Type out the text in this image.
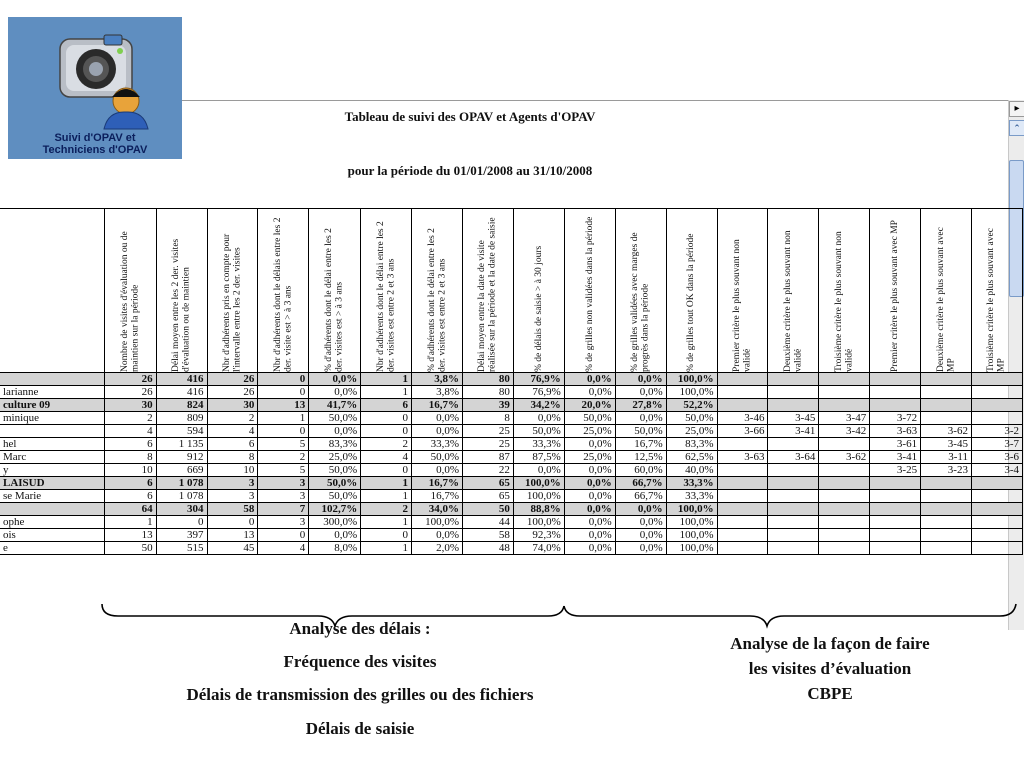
Suivi d'OPAV et
Techniciens d'OPAV
Tableau de suivi des OPAV et Agents d'OPAV
pour la période du 01/01/2008 au 31/10/2008
▸
⌃

	Nombre de visites d'évaluation ou de maintien sur la période	Délai moyen entre les 2 der. visites d'évaluation ou de maintien	Nbr d'adhérents pris en compte pour l'intervalle entre les 2 der. visites	Nbr d'adhérents dont le délais entre les 2 der. visite est > à 3 ans	% d'adhérents dont le délai entre les 2 der. visites est > à 3 ans	Nbr d'adhérents dont le délai entre les 2 der. visites est entre 2 et 3 ans	% d'adhérents dont le délai entre les 2 der. visites est entre 2 et 3 ans	Délai moyen entre la date de visite réalisée sur la période et la date de saisie	% de délais de saisie > à 30 jours	% de grilles non validées dans la période	% de grilles validées avec marges de progrès dans la période	% de grilles tout OK dans la période	Premier critère le plus souvant non validé	Deuxième critère le plus souvant non validé	Troisième critère le plus souvant non validé	Premier critère le plus souvant avec MP	Deuxième critère le plus souvant avec MP	Troisième critère le plus souvant avec MP

	26	416	26	0	0,0%	1	3,8%	80	76,9%	0,0%	0,0%	100,0%						
larianne	26	416	26	0	0,0%	1	3,8%	80	76,9%	0,0%	0,0%	100,0%						
culture 09	30	824	30	13	41,7%	6	16,7%	39	34,2%	20,0%	27,8%	52,2%						
minique	2	809	2	1	50,0%	0	0,0%	8	0,0%	50,0%	0,0%	50,0%	3-46	3-45	3-47	3-72		
	4	594	4	0	0,0%	0	0,0%	25	50,0%	25,0%	50,0%	25,0%	3-66	3-41	3-42	3-63	3-62	3-2
hel	6	1 135	6	5	83,3%	2	33,3%	25	33,3%	0,0%	16,7%	83,3%				3-61	3-45	3-7
Marc	8	912	8	2	25,0%	4	50,0%	87	87,5%	25,0%	12,5%	62,5%	3-63	3-64	3-62	3-41	3-11	3-6
y	10	669	10	5	50,0%	0	0,0%	22	0,0%	0,0%	60,0%	40,0%				3-25	3-23	3-4
LAISUD	6	1 078	3	3	50,0%	1	16,7%	65	100,0%	0,0%	66,7%	33,3%						
se Marie	6	1 078	3	3	50,0%	1	16,7%	65	100,0%	0,0%	66,7%	33,3%						
	64	304	58	7	102,7%	2	34,0%	50	88,8%	0,0%	0,0%	100,0%						
ophe	1	0	0	3	300,0%	1	100,0%	44	100,0%	0,0%	0,0%	100,0%						
ois	13	397	13	0	0,0%	0	0,0%	58	92,3%	0,0%	0,0%	100,0%						
e	50	515	45	4	8,0%	1	2,0%	48	74,0%	0,0%	0,0%	100,0%						
Analyse des délais :
Fréquence des visites
Délais de transmission des grilles ou des fichiers
Délais de saisie
Analyse de la façon de faire
les visites d’évaluation
CBPE
